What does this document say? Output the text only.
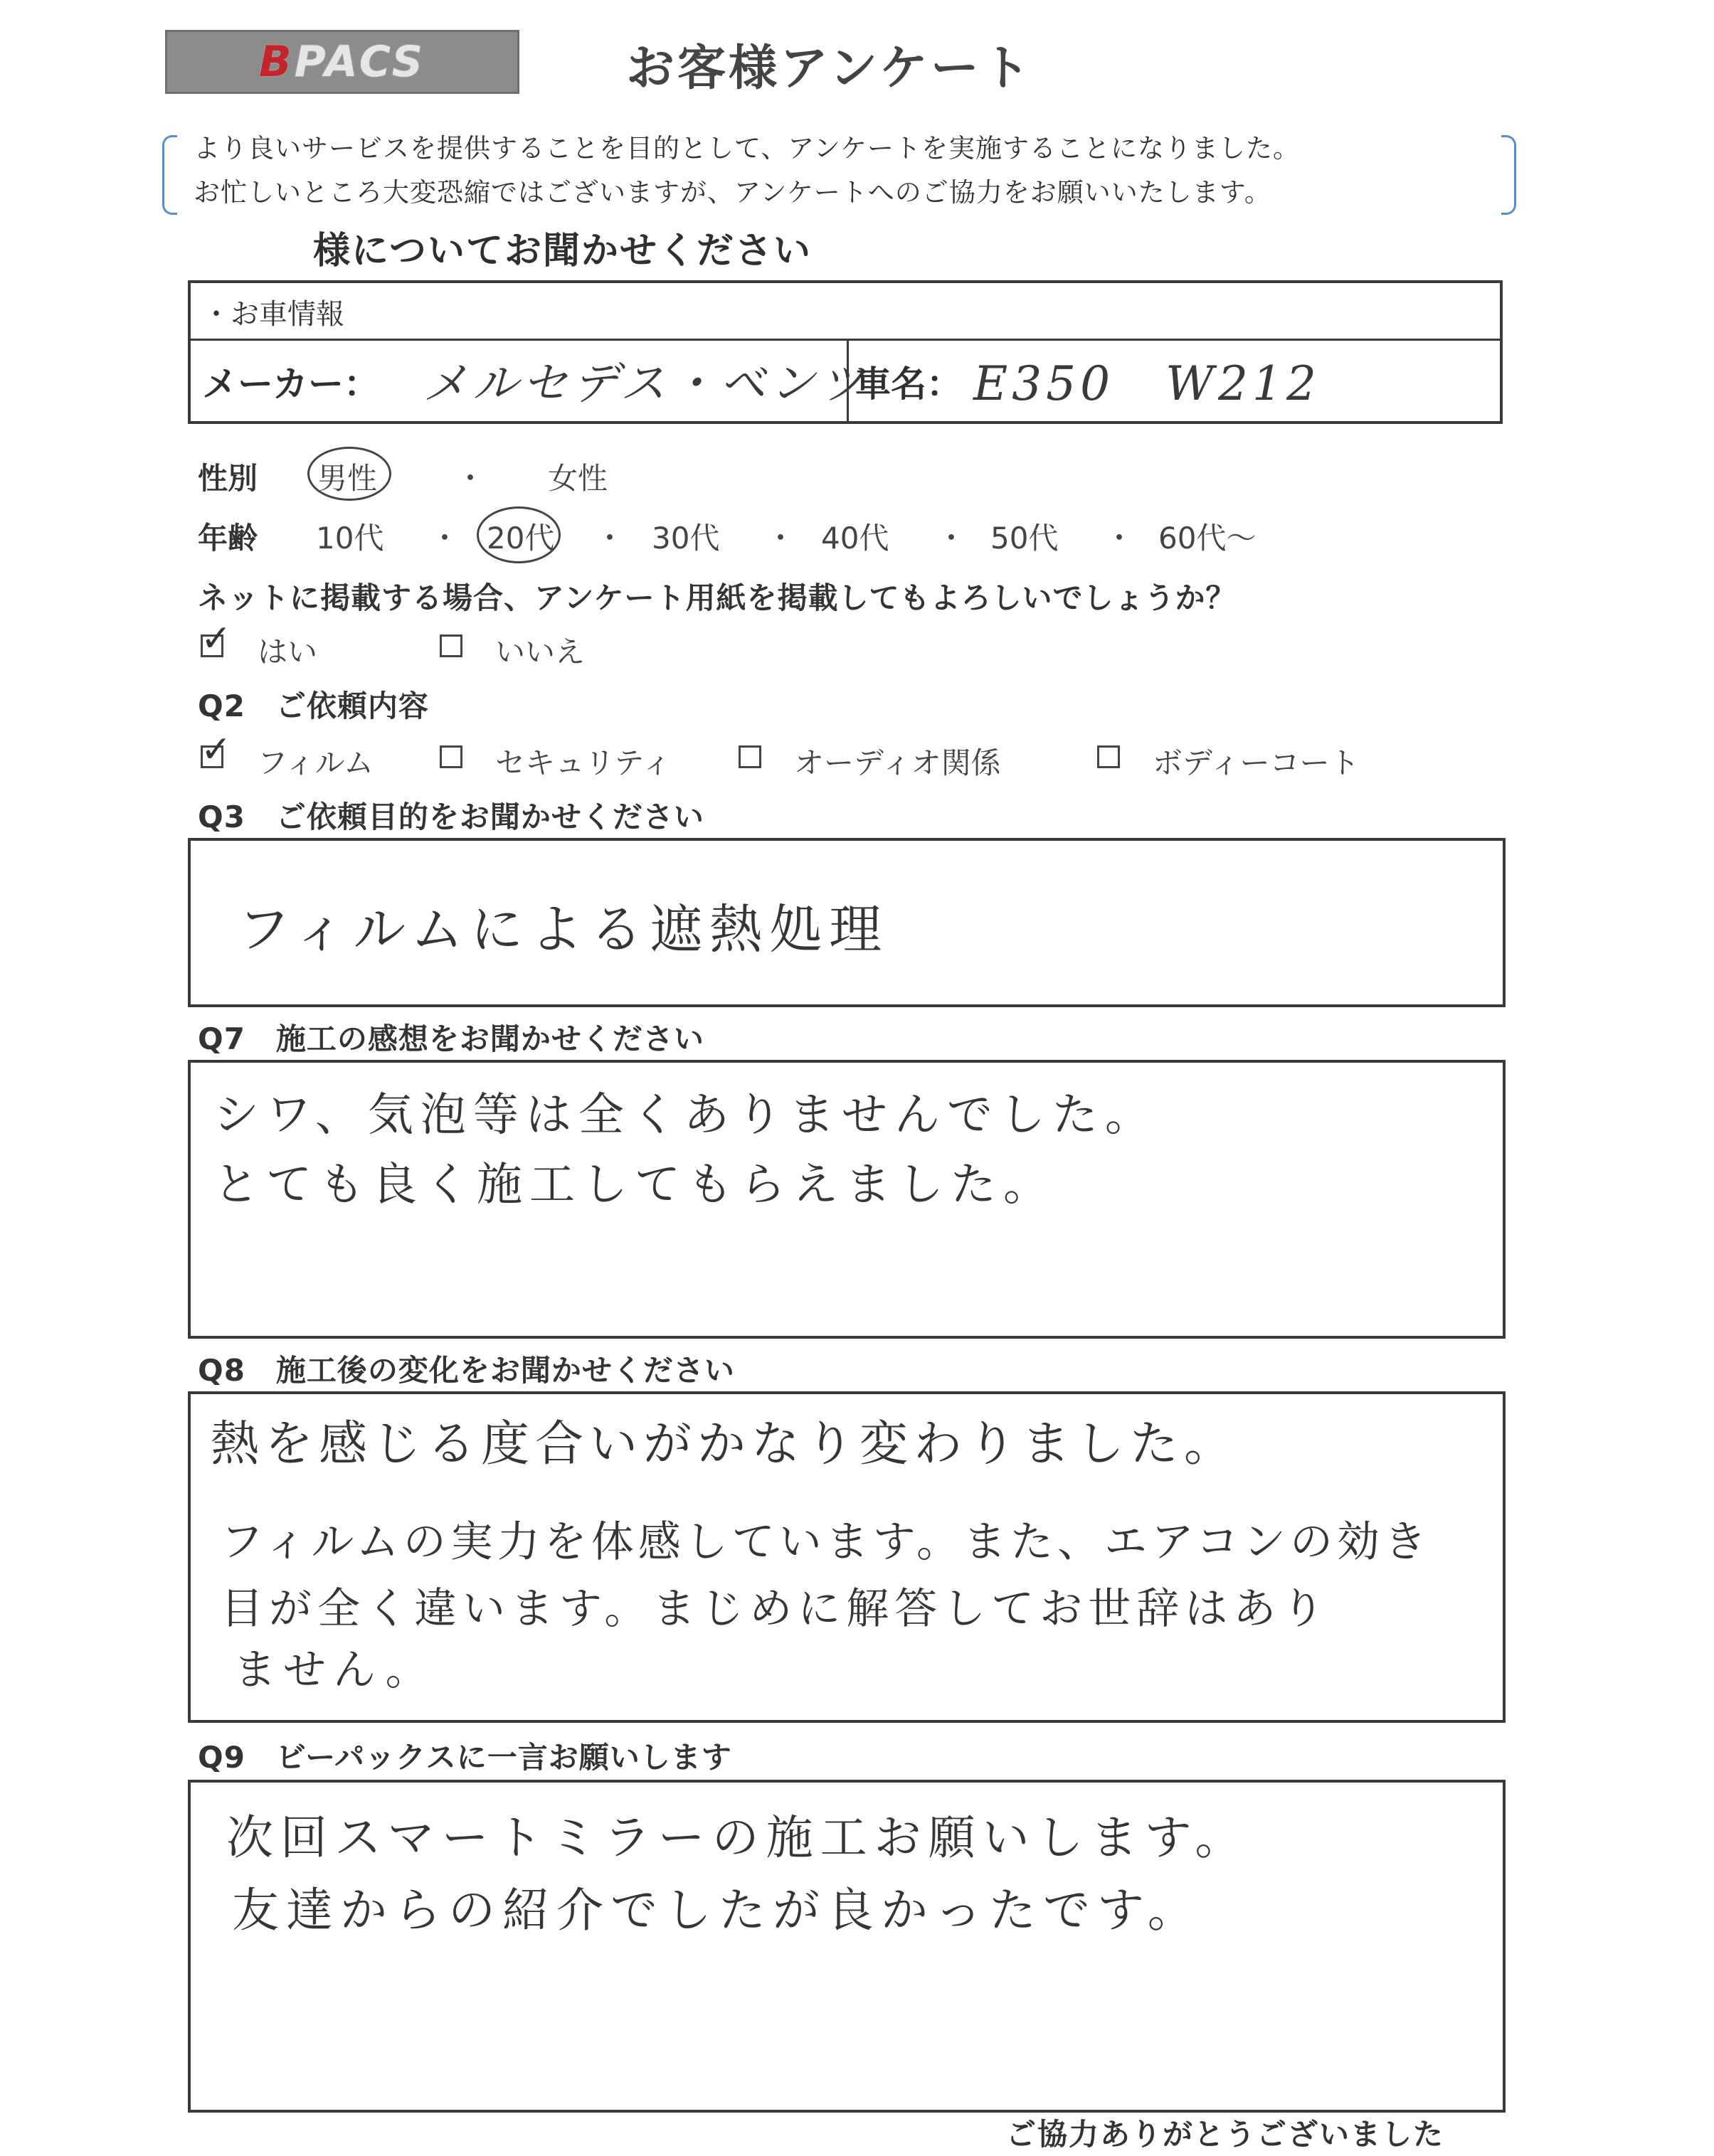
BPACS	お客様アンケート
より良いサービスを提供することを目的として、アンケートを実施することになりました。
お忙しいところ大変恐縮ではございますが、アンケートへのご協力をお願いいたします。
様についてお聞かせください
・お車情報
メーカー： メルセデス・ベンツ
車名： E350　W212
性別 男性	・ 女性
年齢 10代 ・ 20代 ・ 30代 ・ 40代 ・ 50代 ・ 60代～
ネットに掲載する場合、アンケート用紙を掲載してもよろしいでしょうか？
✓ はい	いいえ
Q2　ご依頼内容
✓ フィルム	セキュリティ	オーディオ関係	ボディーコート
Q3　ご依頼目的をお聞かせください
フィルムによる遮熱処理
Q7　施工の感想をお聞かせください
シワ、気泡等は全くありませんでした。
とても良く施工してもらえました。
Q8　施工後の変化をお聞かせください
熱を感じる度合いがかなり変わりました。
フィルムの実力を体感しています。また、エアコンの効き
目が全く違います。まじめに解答してお世辞はあり
ません。
Q9　ビーパックスに一言お願いします
次回スマートミラーの施工お願いします。
友達からの紹介でしたが良かったです。
ご協力ありがとうございました
